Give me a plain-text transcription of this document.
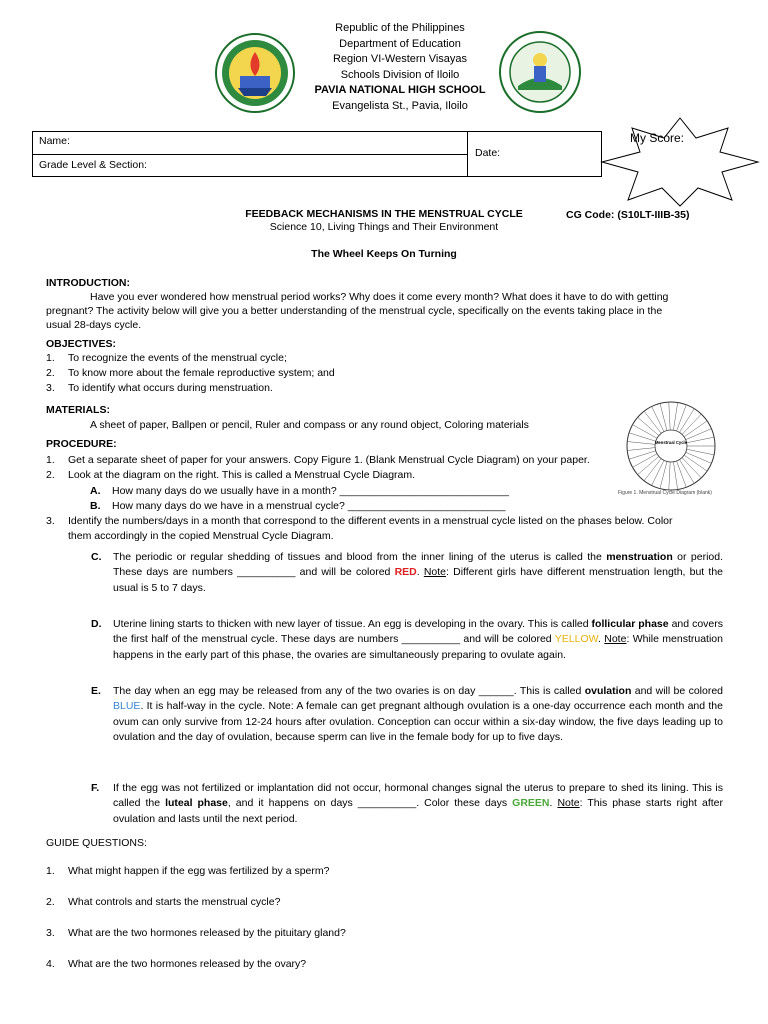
Republic of the Philippines
Department of Education
Region VI-Western Visayas
Schools Division of Iloilo
PAVIA NATIONAL HIGH SCHOOL
Evangelista St., Pavia, Iloilo
Name:
Grade Level & Section:
Date:
My Score:
FEEDBACK MECHANISMS IN THE MENSTRUAL CYCLE
Science 10, Living Things and Their Environment
CG Code: (S10LT-IIIB-35)
The Wheel Keeps On Turning
INTRODUCTION:
Have you ever wondered how menstrual period works? Why does it come every month? What does it have to do with getting
pregnant? The activity below will give you a better understanding of the menstrual cycle, specifically on the events taking place in the
usual 28-days cycle.
OBJECTIVES:
1. To recognize the events of the menstrual cycle;
2. To know more about the female reproductive system; and
3. To identify what occurs during menstruation.
MATERIALS:
A sheet of paper, Ballpen or pencil, Ruler and compass or any round object, Coloring materials
Menstrual Cycle
Figure 1. Menstrual Cycle Diagram (blank)
PROCEDURE:
1. Get a separate sheet of paper for your answers. Copy Figure 1. (Blank Menstrual Cycle Diagram) on your paper.
2. Look at the diagram on the right. This is called a Menstrual Cycle Diagram.
A. How many days do we usually have in a month? _____________________________
B. How many days do we have in a menstrual cycle? ___________________________
3. Identify the numbers/days in a month that correspond to the different events in a menstrual cycle listed on the phases below. Color
them accordingly in the copied Menstrual Cycle Diagram.
C. The periodic or regular shedding of tissues and blood from the inner lining of the uterus is called the menstruation or period. These days are numbers __________ and will be colored RED. Note: Different girls have different menstruation length, but the usual is 5 to 7 days.
D. Uterine lining starts to thicken with new layer of tissue. An egg is developing in the ovary. This is called follicular phase and covers the first half of the menstrual cycle. These days are numbers __________ and will be colored YELLOW. Note: While menstruation happens in the early part of this phase, the ovaries are simultaneously preparing to ovulate again.
E. The day when an egg may be released from any of the two ovaries is on day ______. This is called ovulation and will be colored BLUE. It is half-way in the cycle. Note: A female can get pregnant although ovulation is a one-day occurrence each month and the ovum can only survive from 12-24 hours after ovulation. Conception can occur within a six-day window, the five days leading up to ovulation and the day of ovulation, because sperm can live in the female body for up to five days.
F. If the egg was not fertilized or implantation did not occur, hormonal changes signal the uterus to prepare to shed its lining. This is called the luteal phase, and it happens on days __________. Color these days GREEN. Note: This phase starts right after ovulation and lasts until the next period.
GUIDE QUESTIONS:
1. What might happen if the egg was fertilized by a sperm?
2. What controls and starts the menstrual cycle?
3. What are the two hormones released by the pituitary gland?
4. What are the two hormones released by the ovary?
